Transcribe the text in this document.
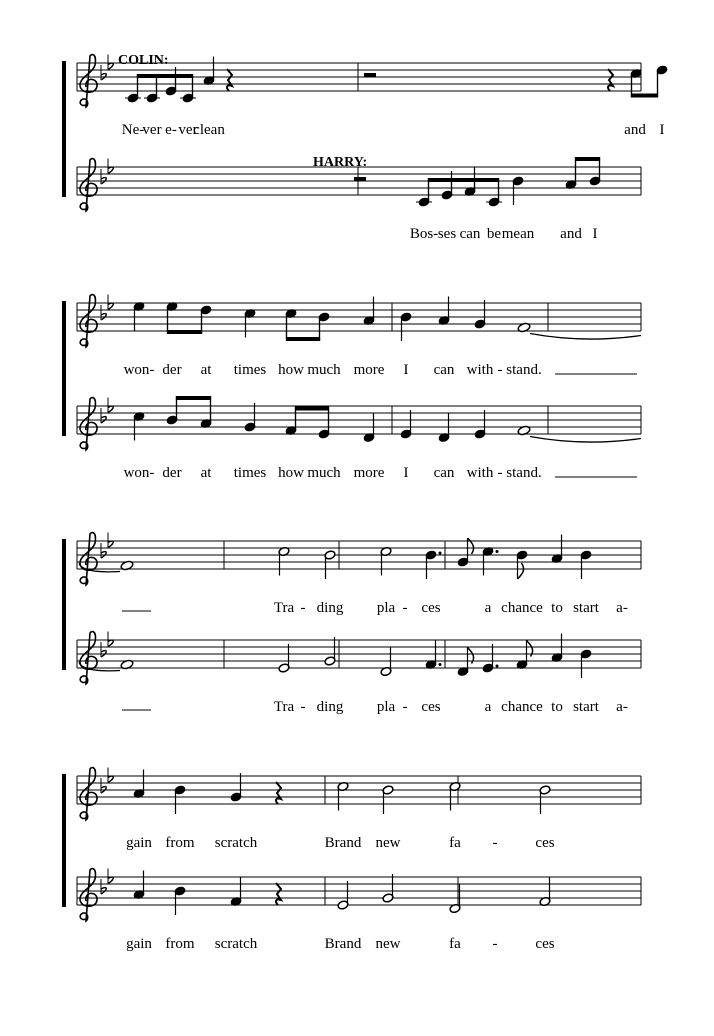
Ne-
ver e- ver
clean	and I
Bos- ses can be mean and I
won- der at times how much more I can with - stand.
won- der at times how much more I can with - stand.
Tra - ding pla - ces	a chance to start a-
Tra - ding pla - ces	a chance to start a-
gain from scratch	Brand new	fa -	ces
gain from scratch	Brand new	fa -	ces
COLIN:
HARRY:
